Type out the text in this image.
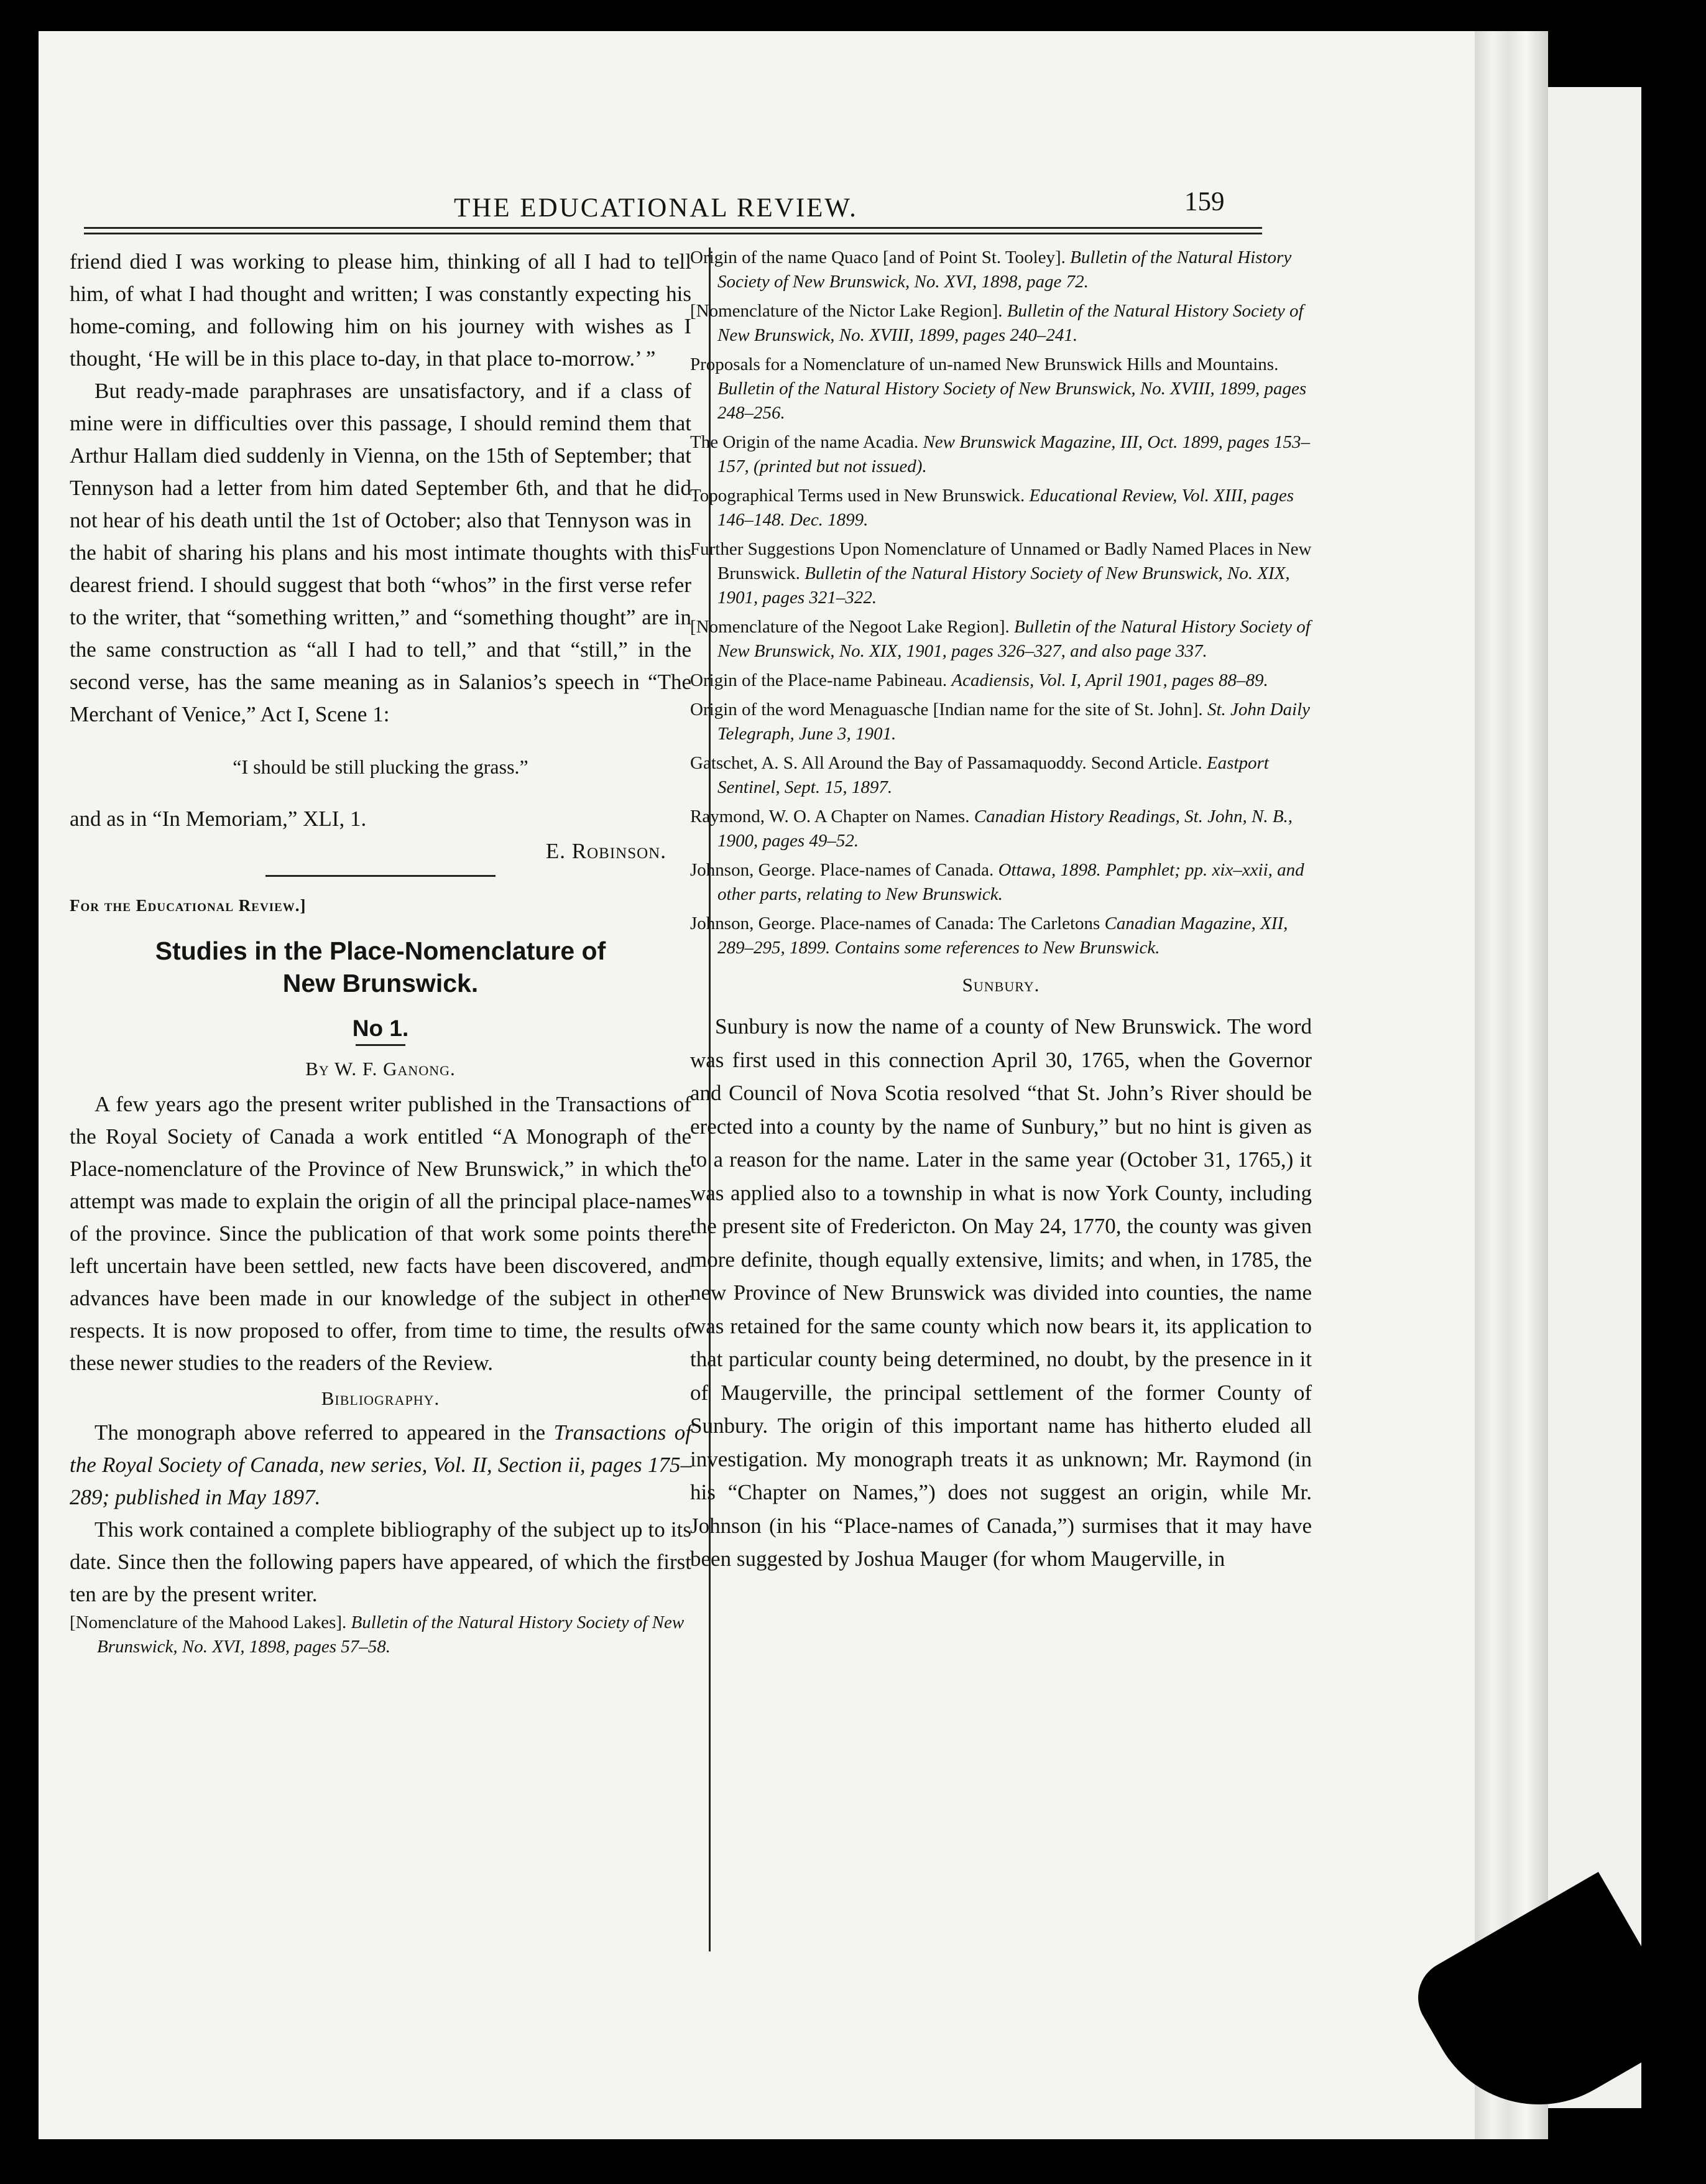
THE EDUCATIONAL REVIEW.	159

friend died I was working to please him, thinking of all I had to tell him, of what I had thought and written; I was constantly expecting his home-coming, and following him on his journey with wishes as I thought, ‘He will be in this place to-day, in that place to-morrow.’ ”

But ready-made paraphrases are unsatisfactory, and if a class of mine were in difficulties over this passage, I should remind them that Arthur Hallam died suddenly in Vienna, on the 15th of September; that Tennyson had a letter from him dated September 6th, and that he did not hear of his death until the 1st of October; also that Tennyson was in the habit of sharing his plans and his most intimate thoughts with this dearest friend. I should suggest that both “whos” in the first verse refer to the writer, that “something written,” and “something thought” are in the same construction as “all I had to tell,” and that “still,” in the second verse, has the same meaning as in Salanios’s speech in “The Merchant of Venice,” Act I, Scene 1:

“I should be still plucking the grass.”

and as in “In Memoriam,” XLI, 1.

E. Robinson.

For the Educational Review.]

Studies in the Place-Nomenclature of
New Brunswick.

No 1.

By W. F. Ganong.

A few years ago the present writer published in the Transactions of the Royal Society of Canada a work entitled “A Monograph of the Place-nomenclature of the Province of New Brunswick,” in which the attempt was made to explain the origin of all the principal place-names of the province. Since the publication of that work some points there left uncertain have been settled, new facts have been discovered, and advances have been made in our knowledge of the subject in other respects. It is now proposed to offer, from time to time, the results of these newer studies to the readers of the Review.

Bibliography.

The monograph above referred to appeared in the Transactions of the Royal Society of Canada, new series, Vol. II, Section ii, pages 175–289; published in May 1897.

This work contained a complete bibliography of the subject up to its date. Since then the following papers have appeared, of which the first ten are by the present writer.

[Nomenclature of the Mahood Lakes]. Bulletin of the Natural History Society of New Brunswick, No. XVI, 1898, pages 57–58.

Origin of the name Quaco [and of Point St. Tooley]. Bulletin of the Natural History Society of New Brunswick, No. XVI, 1898, page 72.

[Nomenclature of the Nictor Lake Region]. Bulletin of the Natural History Society of New Brunswick, No. XVIII, 1899, pages 240–241.

Proposals for a Nomenclature of un-named New Brunswick Hills and Mountains. Bulletin of the Natural History Society of New Brunswick, No. XVIII, 1899, pages 248–256.

The Origin of the name Acadia. New Brunswick Magazine, III, Oct. 1899, pages 153–157, (printed but not issued).

Topographical Terms used in New Brunswick. Educational Review, Vol. XIII, pages 146–148. Dec. 1899.

Further Suggestions Upon Nomenclature of Unnamed or Badly Named Places in New Brunswick. Bulletin of the Natural History Society of New Brunswick, No. XIX, 1901, pages 321–322.

[Nomenclature of the Negoot Lake Region]. Bulletin of the Natural History Society of New Brunswick, No. XIX, 1901, pages 326–327, and also page 337.

Origin of the Place-name Pabineau. Acadiensis, Vol. I, April 1901, pages 88–89.

Origin of the word Menaguasche [Indian name for the site of St. John]. St. John Daily Telegraph, June 3, 1901.

Gatschet, A. S. All Around the Bay of Passamaquoddy. Second Article. Eastport Sentinel, Sept. 15, 1897.

Raymond, W. O. A Chapter on Names. Canadian History Readings, St. John, N. B., 1900, pages 49–52.

Johnson, George. Place-names of Canada. Ottawa, 1898. Pamphlet; pp. xix–xxii, and other parts, relating to New Brunswick.

Johnson, George. Place-names of Canada: The Carletons Canadian Magazine, XII, 289–295, 1899. Contains some references to New Brunswick.

Sunbury.

Sunbury is now the name of a county of New Brunswick. The word was first used in this connection April 30, 1765, when the Governor and Council of Nova Scotia resolved “that St. John’s River should be erected into a county by the name of Sunbury,” but no hint is given as to a reason for the name. Later in the same year (October 31, 1765,) it was applied also to a township in what is now York County, including the present site of Fredericton. On May 24, 1770, the county was given more definite, though equally extensive, limits; and when, in 1785, the new Province of New Brunswick was divided into counties, the name was retained for the same county which now bears it, its application to that particular county being determined, no doubt, by the presence in it of Maugerville, the principal settlement of the former County of Sunbury. The origin of this important name has hitherto eluded all investigation. My monograph treats it as unknown; Mr. Raymond (in his “Chapter on Names,”) does not suggest an origin, while Mr. Johnson (in his “Place-names of Canada,”) surmises that it may have been suggested by Joshua Mauger (for whom Maugerville, in
